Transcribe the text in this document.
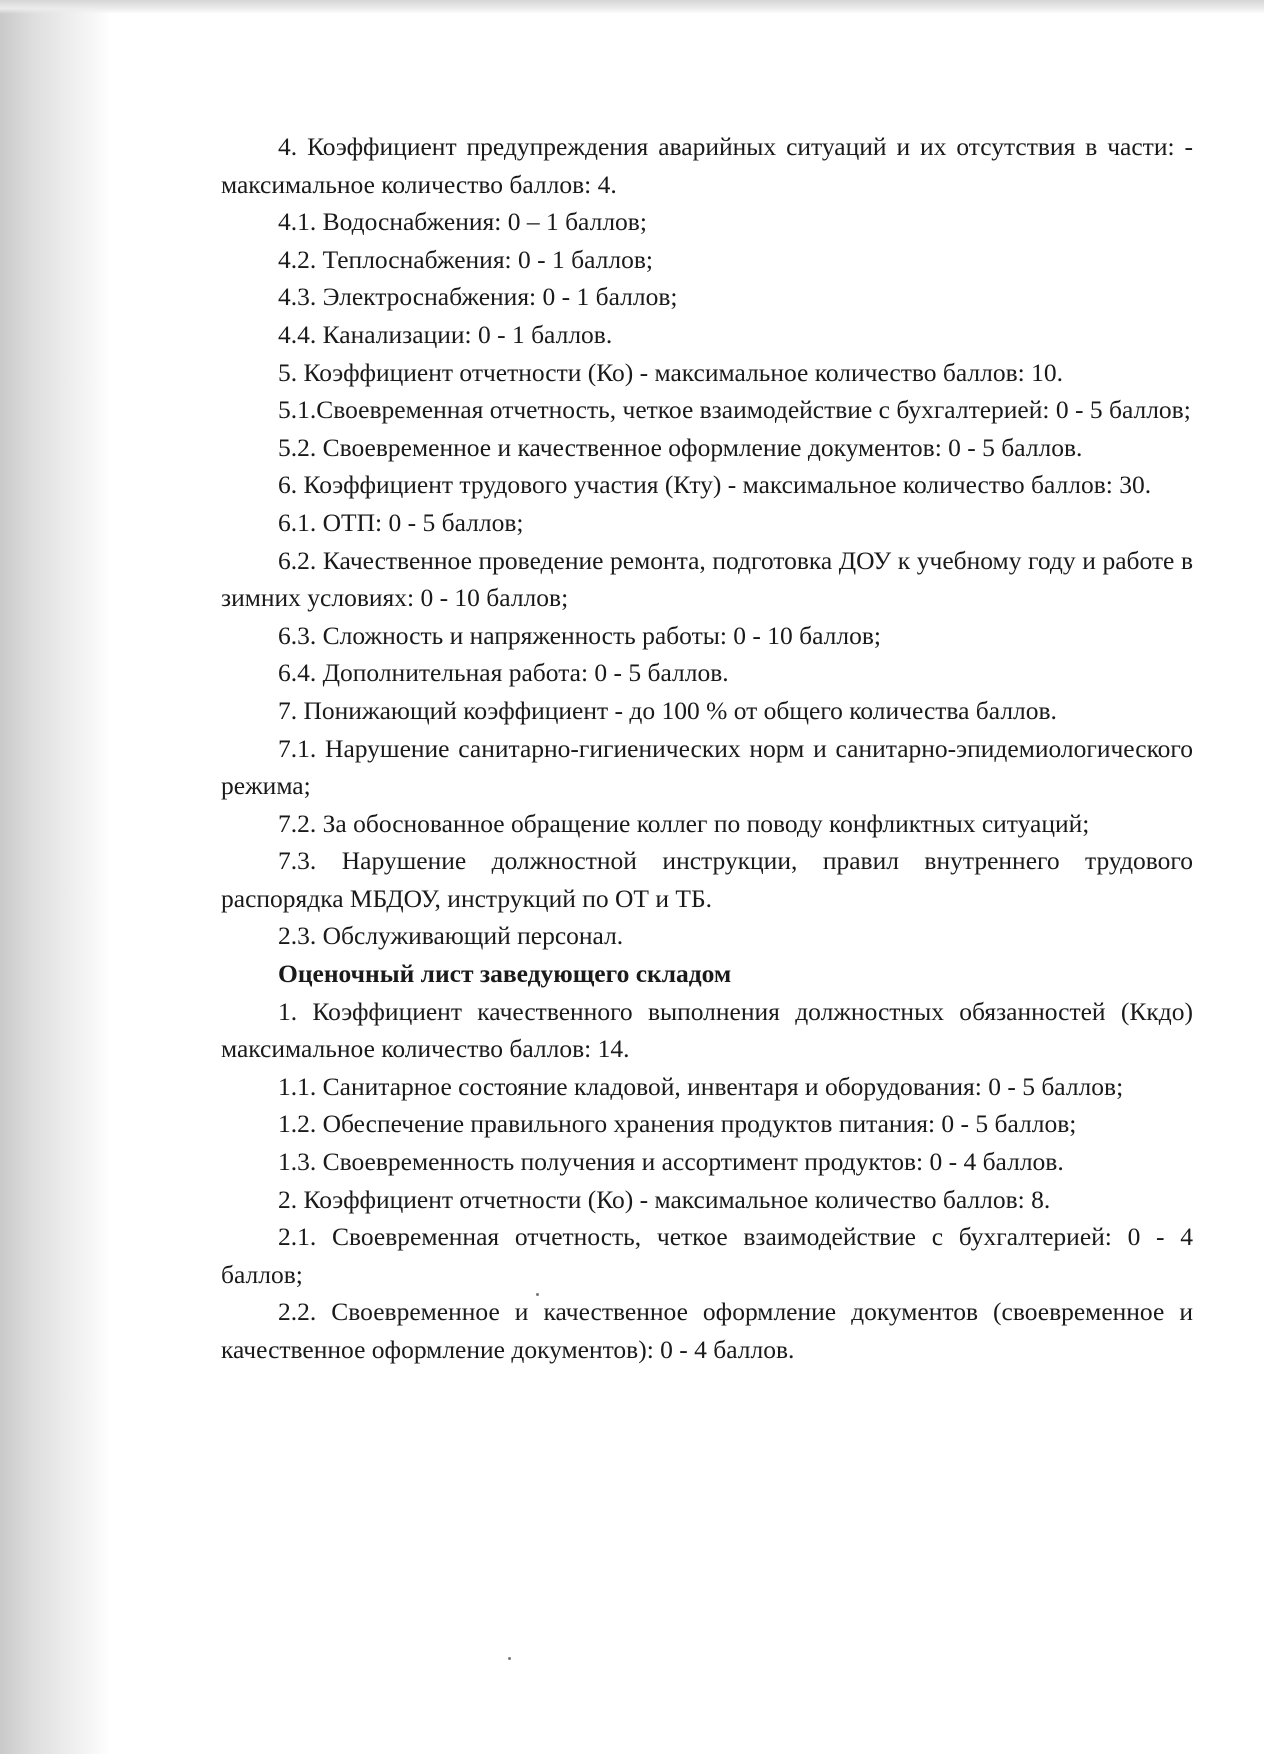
4. Коэффициент предупреждения аварийных ситуаций и их отсутствия в части: - максимальное количество баллов: 4.

4.1. Водоснабжения: 0 – 1 баллов;

4.2. Теплоснабжения: 0 - 1 баллов;

4.3. Электроснабжения: 0 - 1 баллов;

4.4. Канализации: 0 - 1 баллов.

5. Коэффициент отчетности (Ко) - максимальное количество баллов: 10.

5.1.Своевременная отчетность, четкое взаимодействие с бухгалтерией: 0 - 5 баллов;

5.2. Своевременное и качественное оформление документов: 0 - 5 баллов.

6. Коэффициент трудового участия (Кту) - максимальное количество баллов: 30.

6.1. ОТП: 0 - 5 баллов;

6.2. Качественное проведение ремонта, подготовка ДОУ к учебному году и работе в зимних условиях: 0 - 10 баллов;

6.3. Сложность и напряженность работы: 0 - 10 баллов;

6.4. Дополнительная работа: 0 - 5 баллов.

7. Понижающий коэффициент - до 100 % от общего количества баллов.

7.1. Нарушение санитарно-гигиенических норм и санитарно-эпидемиологического режима;

7.2. За обоснованное обращение коллег по поводу конфликтных ситуаций;

7.3. Нарушение должностной инструкции, правил внутреннего трудового распорядка МБДОУ, инструкций по ОТ и ТБ.

2.3. Обслуживающий персонал.

Оценочный лист заведующего складом

1. Коэффициент качественного выполнения должностных обязанностей (Ккдо) максимальное количество баллов: 14.

1.1. Санитарное состояние кладовой, инвентаря и оборудования: 0 - 5 баллов;

1.2. Обеспечение правильного хранения продуктов питания: 0 - 5 баллов;

1.3. Своевременность получения и ассортимент продуктов: 0 - 4 баллов.

2. Коэффициент отчетности (Ко) - максимальное количество баллов: 8.

2.1. Своевременная отчетность, четкое взаимодействие с бухгалтерией: 0 - 4 баллов;

2.2. Своевременное и качественное оформление документов (своевременное и качественное оформление документов): 0 - 4 баллов.
